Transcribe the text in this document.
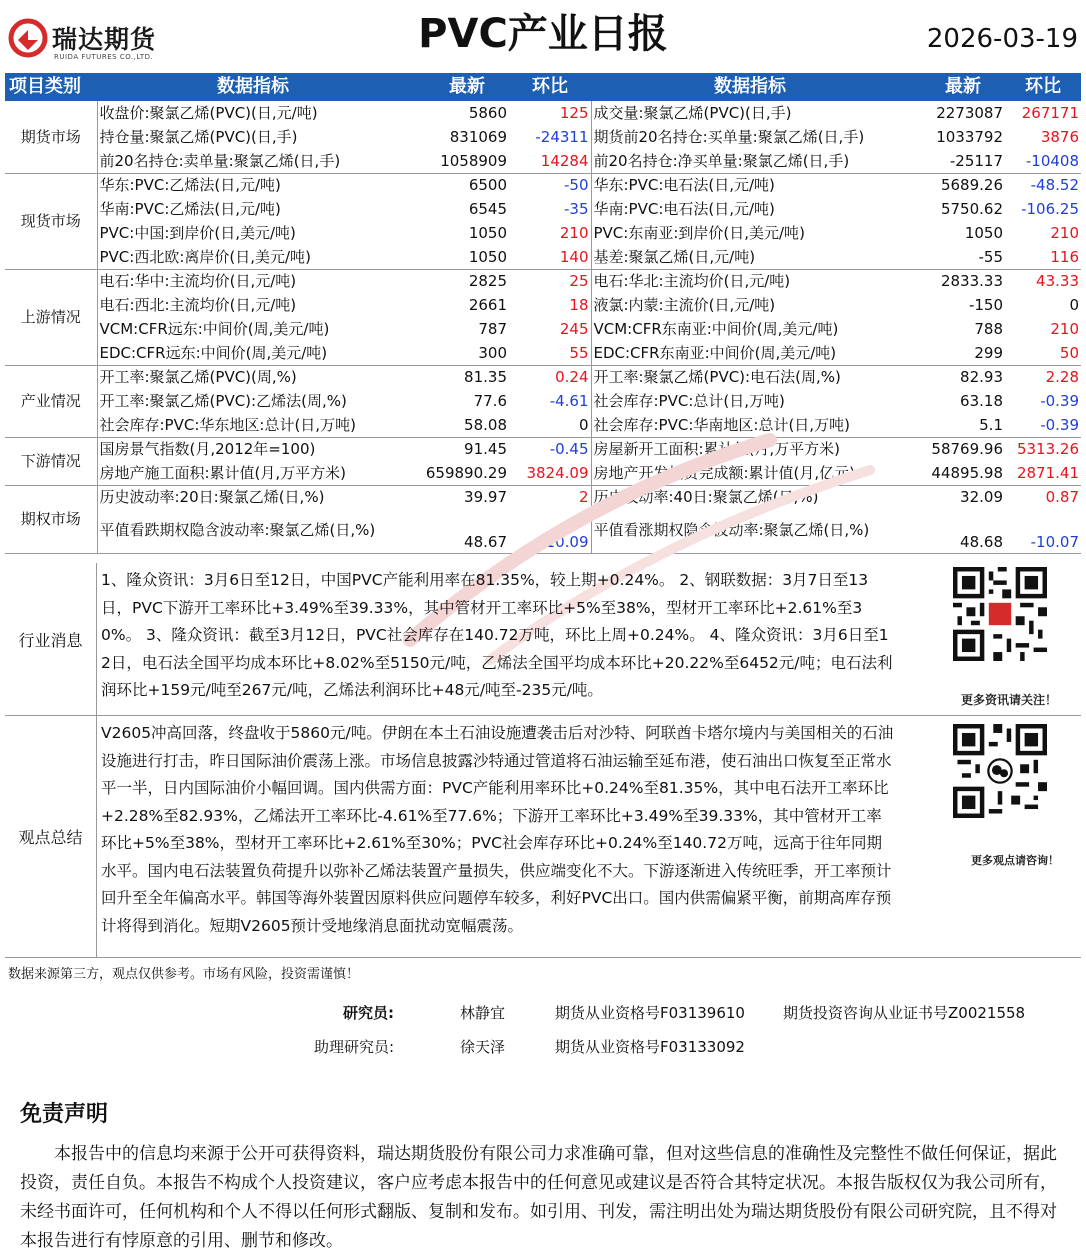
瑞达期货
RUIDA FUTURES CO.,LTD.	PVC产业日报	2026-03-19
项目类别	数据指标	最新	环比	数据指标	最新	环比
期货市场	收盘价:聚氯乙烯(PVC)(日,元/吨)	5860	125	成交量:聚氯乙烯(PVC)(日,手)	2273087	267171
	持仓量:聚氯乙烯(PVC)(日,手)	831069	-24311	期货前20名持仓:买单量:聚氯乙烯(日,手)	1033792	3876
	前20名持仓:卖单量:聚氯乙烯(日,手)	1058909	14284	前20名持仓:净买单量:聚氯乙烯(日,手)	-25117	-10408
现货市场	华东:PVC:乙烯法(日,元/吨)	6500	-50	华东:PVC:电石法(日,元/吨)	5689.26	-48.52
	华南:PVC:乙烯法(日,元/吨)	6545	-35	华南:PVC:电石法(日,元/吨)	5750.62	-106.25
	PVC:中国:到岸价(日,美元/吨)	1050	210	PVC:东南亚:到岸价(日,美元/吨)	1050	210
	PVC:西北欧:离岸价(日,美元/吨)	1050	140	基差:聚氯乙烯(日,元/吨)	-55	116
上游情况	电石:华中:主流均价(日,元/吨)	2825	25	电石:华北:主流均价(日,元/吨)	2833.33	43.33
	电石:西北:主流均价(日,元/吨)	2661	18	液氯:内蒙:主流价(日,元/吨)	-150	0
	VCM:CFR远东:中间价(周,美元/吨)	787	245	VCM:CFR东南亚:中间价(周,美元/吨)	788	210
	EDC:CFR远东:中间价(周,美元/吨)	300	55	EDC:CFR东南亚:中间价(周,美元/吨)	299	50
产业情况	开工率:聚氯乙烯(PVC)(周,%)	81.35	0.24	开工率:聚氯乙烯(PVC):电石法(周,%)	82.93	2.28
	开工率:聚氯乙烯(PVC):乙烯法(周,%)	77.6	-4.61	社会库存:PVC:总计(日,万吨)	63.18	-0.39
	社会库存:PVC:华东地区:总计(日,万吨)	58.08	0	社会库存:PVC:华南地区:总计(日,万吨)	5.1	-0.39
下游情况	国房景气指数(月,2012年=100)	91.45	-0.45	房屋新开工面积:累计值(月,万平方米)	58769.96	5313.26
	房地产施工面积:累计值(月,万平方米)	659890.29	3824.09	房地产开发投资完成额:累计值(月,亿元)	44895.98	2871.41
期权市场	历史波动率:20日:聚氯乙烯(日,%)	39.97	2	历史波动率:40日:聚氯乙烯(日,%)	32.09	0.87
	平值看跌期权隐含波动率:聚氯乙烯(日,%)	48.67	-10.09	平值看涨期权隐含波动率:聚氯乙烯(日,%)	48.68	-10.07
行业消息
1、隆众资讯：3月6日至12日，中国PVC产能利用率在81.35%，较上期+0.24%。 2、钢联数据：3月7日至13日，PVC下游开工率环比+3.49%至39.33%，其中管材开工率环比+5%至38%，型材开工率环比+2.61%至30%。 3、隆众资讯：截至3月12日，PVC社会库存在140.72万吨，环比上周+0.24%。 4、隆众资讯：3月6日至12日，电石法全国平均成本环比+8.02%至5150元/吨，乙烯法全国平均成本环比+20.22%至6452元/吨；电石法利润环比+159元/吨至267元/吨，乙烯法利润环比+48元/吨至-235元/吨。
更多资讯请关注！
观点总结
V2605冲高回落，终盘收于5860元/吨。伊朗在本土石油设施遭袭击后对沙特、阿联酋卡塔尔境内与美国相关的石油设施进行打击，昨日国际油价震荡上涨。市场信息披露沙特通过管道将石油运输至延布港，使石油出口恢复至正常水平一半，日内国际油价小幅回调。国内供需方面：PVC产能利用率环比+0.24%至81.35%，其中电石法开工率环比+2.28%至82.93%，乙烯法开工率环比-4.61%至77.6%；下游开工率环比+3.49%至39.33%，其中管材开工率环比+5%至38%，型材开工率环比+2.61%至30%；PVC社会库存环比+0.24%至140.72万吨，远高于往年同期水平。国内电石法装置负荷提升以弥补乙烯法装置产量损失，供应端变化不大。下游逐渐进入传统旺季，开工率预计回升至全年偏高水平。韩国等海外装置因原料供应问题停车较多，利好PVC出口。国内供需偏紧平衡，前期高库存预计将得到消化。短期V2605预计受地缘消息面扰动宽幅震荡。
更多观点请咨询！
数据来源第三方，观点仅供参考。市场有风险，投资需谨慎！
研究员:	林静宜	期货从业资格号F03139610	期货投资咨询从业证书号Z0021558
助理研究员:	徐天泽	期货从业资格号F03133092
免责声明
本报告中的信息均来源于公开可获得资料，瑞达期货股份有限公司力求准确可靠，但对这些信息的准确性及完整性不做任何保证，据此投资，责任自负。本报告不构成个人投资建议，客户应考虑本报告中的任何意见或建议是否符合其特定状况。本报告版权仅为我公司所有，未经书面许可，任何机构和个人不得以任何形式翻版、复制和发布。如引用、刊发，需注明出处为瑞达期货股份有限公司研究院，且不得对本报告进行有悖原意的引用、删节和修改。
